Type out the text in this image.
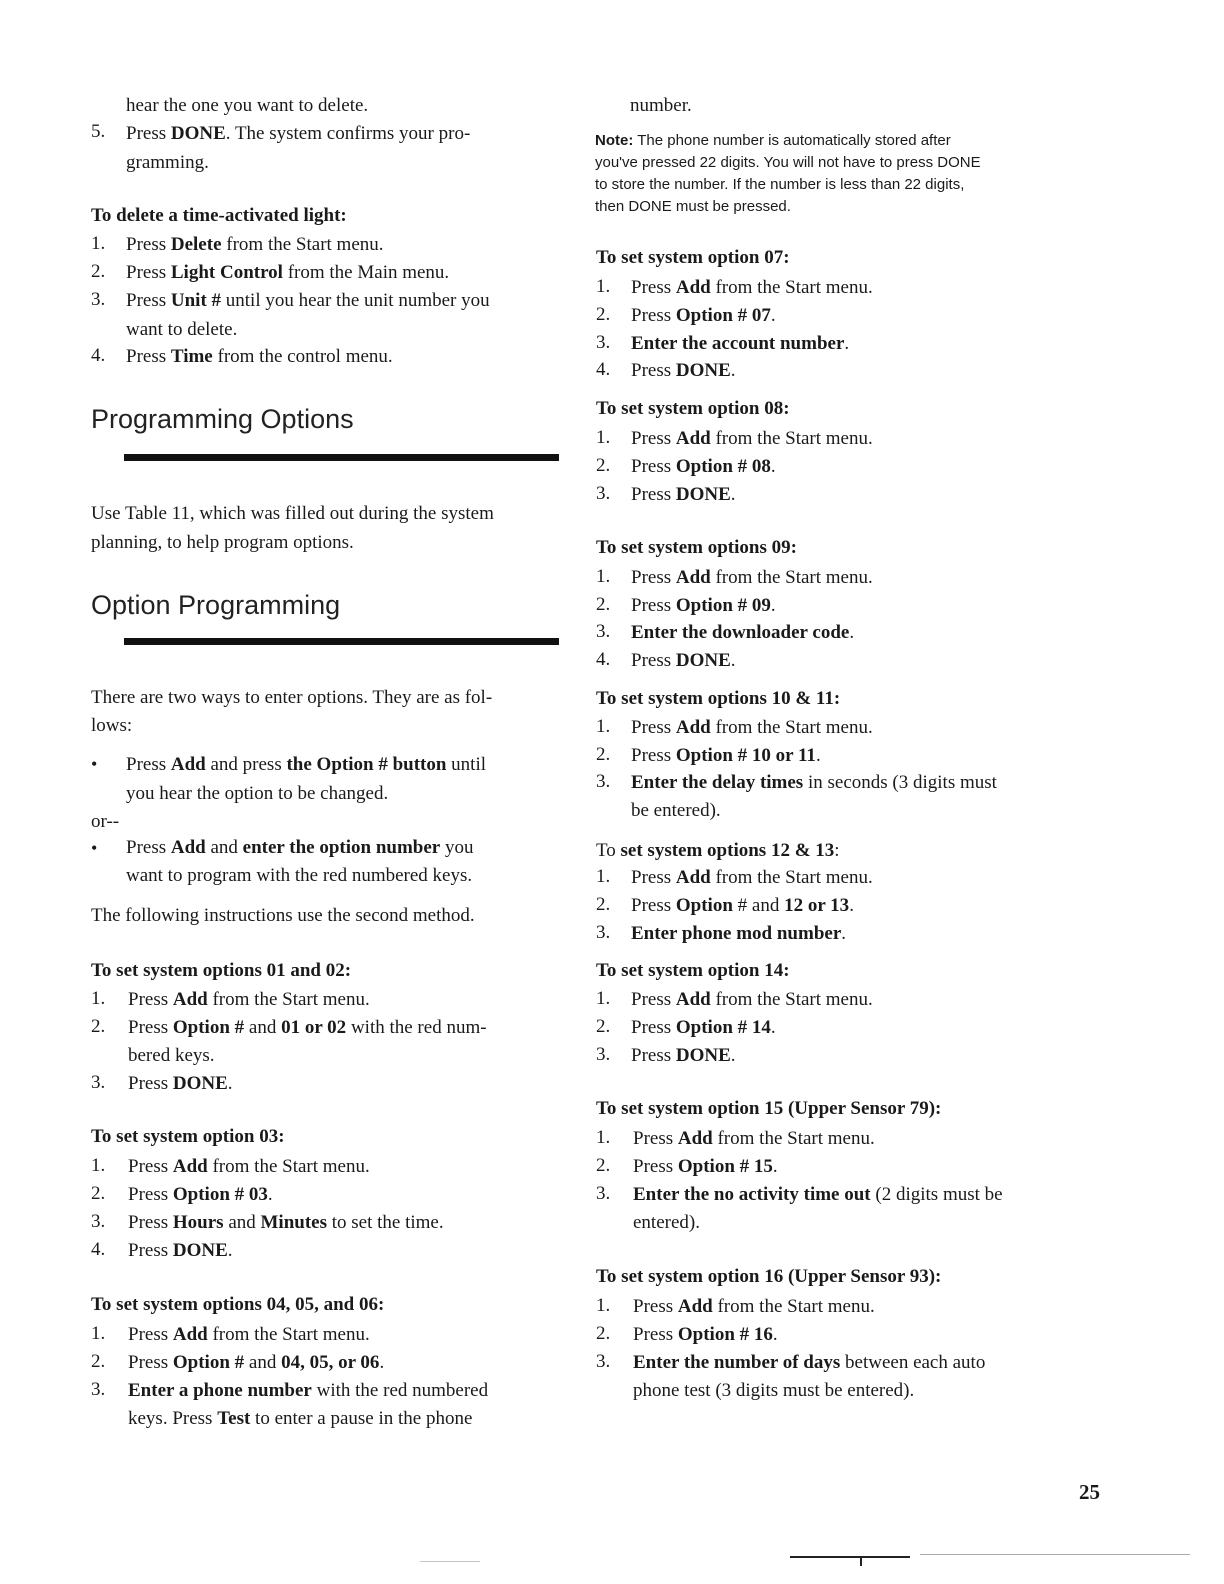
hear the one you want to delete.
5. Press DONE. The system confirms your pro-
gramming.
To delete a time-activated light:
1. Press Delete from the Start menu.
2. Press Light Control from the Main menu.
3. Press Unit # until you hear the unit number you
want to delete.
4. Press Time from the control menu.
Programming Options
Use Table 11, which was filled out during the system
planning, to help program options.
Option Programming
There are two ways to enter options. They are as fol-
lows:
• Press Add and press the Option # button until
you hear the option to be changed.
or--
• Press Add and enter the option number you
want to program with the red numbered keys.
The following instructions use the second method.
To set system options 01 and 02:
1. Press Add from the Start menu.
2. Press Option # and 01 or 02 with the red num-
bered keys.
3. Press DONE.
To set system option 03:
1. Press Add from the Start menu.
2. Press Option # 03.
3. Press Hours and Minutes to set the time.
4. Press DONE.
To set system options 04, 05, and 06:
1. Press Add from the Start menu.
2. Press Option # and 04, 05, or 06.
3. Enter a phone number with the red numbered
keys. Press Test to enter a pause in the phone
number.
Note: The phone number is automatically stored after
you've pressed 22 digits. You will not have to press DONE
to store the number. If the number is less than 22 digits,
then DONE must be pressed.
To set system option 07:
1. Press Add from the Start menu.
2. Press Option # 07.
3. Enter the account number.
4. Press DONE.
To set system option 08:
1. Press Add from the Start menu.
2. Press Option # 08.
3. Press DONE.
To set system options 09:
1. Press Add from the Start menu.
2. Press Option # 09.
3. Enter the downloader code.
4. Press DONE.
To set system options 10 & 11:
1. Press Add from the Start menu.
2. Press Option # 10 or 11.
3. Enter the delay times in seconds (3 digits must
be entered).
To set system options 12 & 13:
1. Press Add from the Start menu.
2. Press Option # and 12 or 13.
3. Enter phone mod number.
To set system option 14:
1. Press Add from the Start menu.
2. Press Option # 14.
3. Press DONE.
To set system option 15 (Upper Sensor 79):
1. Press Add from the Start menu.
2. Press Option # 15.
3. Enter the no activity time out (2 digits must be
entered).
To set system option 16 (Upper Sensor 93):
1. Press Add from the Start menu.
2. Press Option # 16.
3. Enter the number of days between each auto
phone test (3 digits must be entered).
25
